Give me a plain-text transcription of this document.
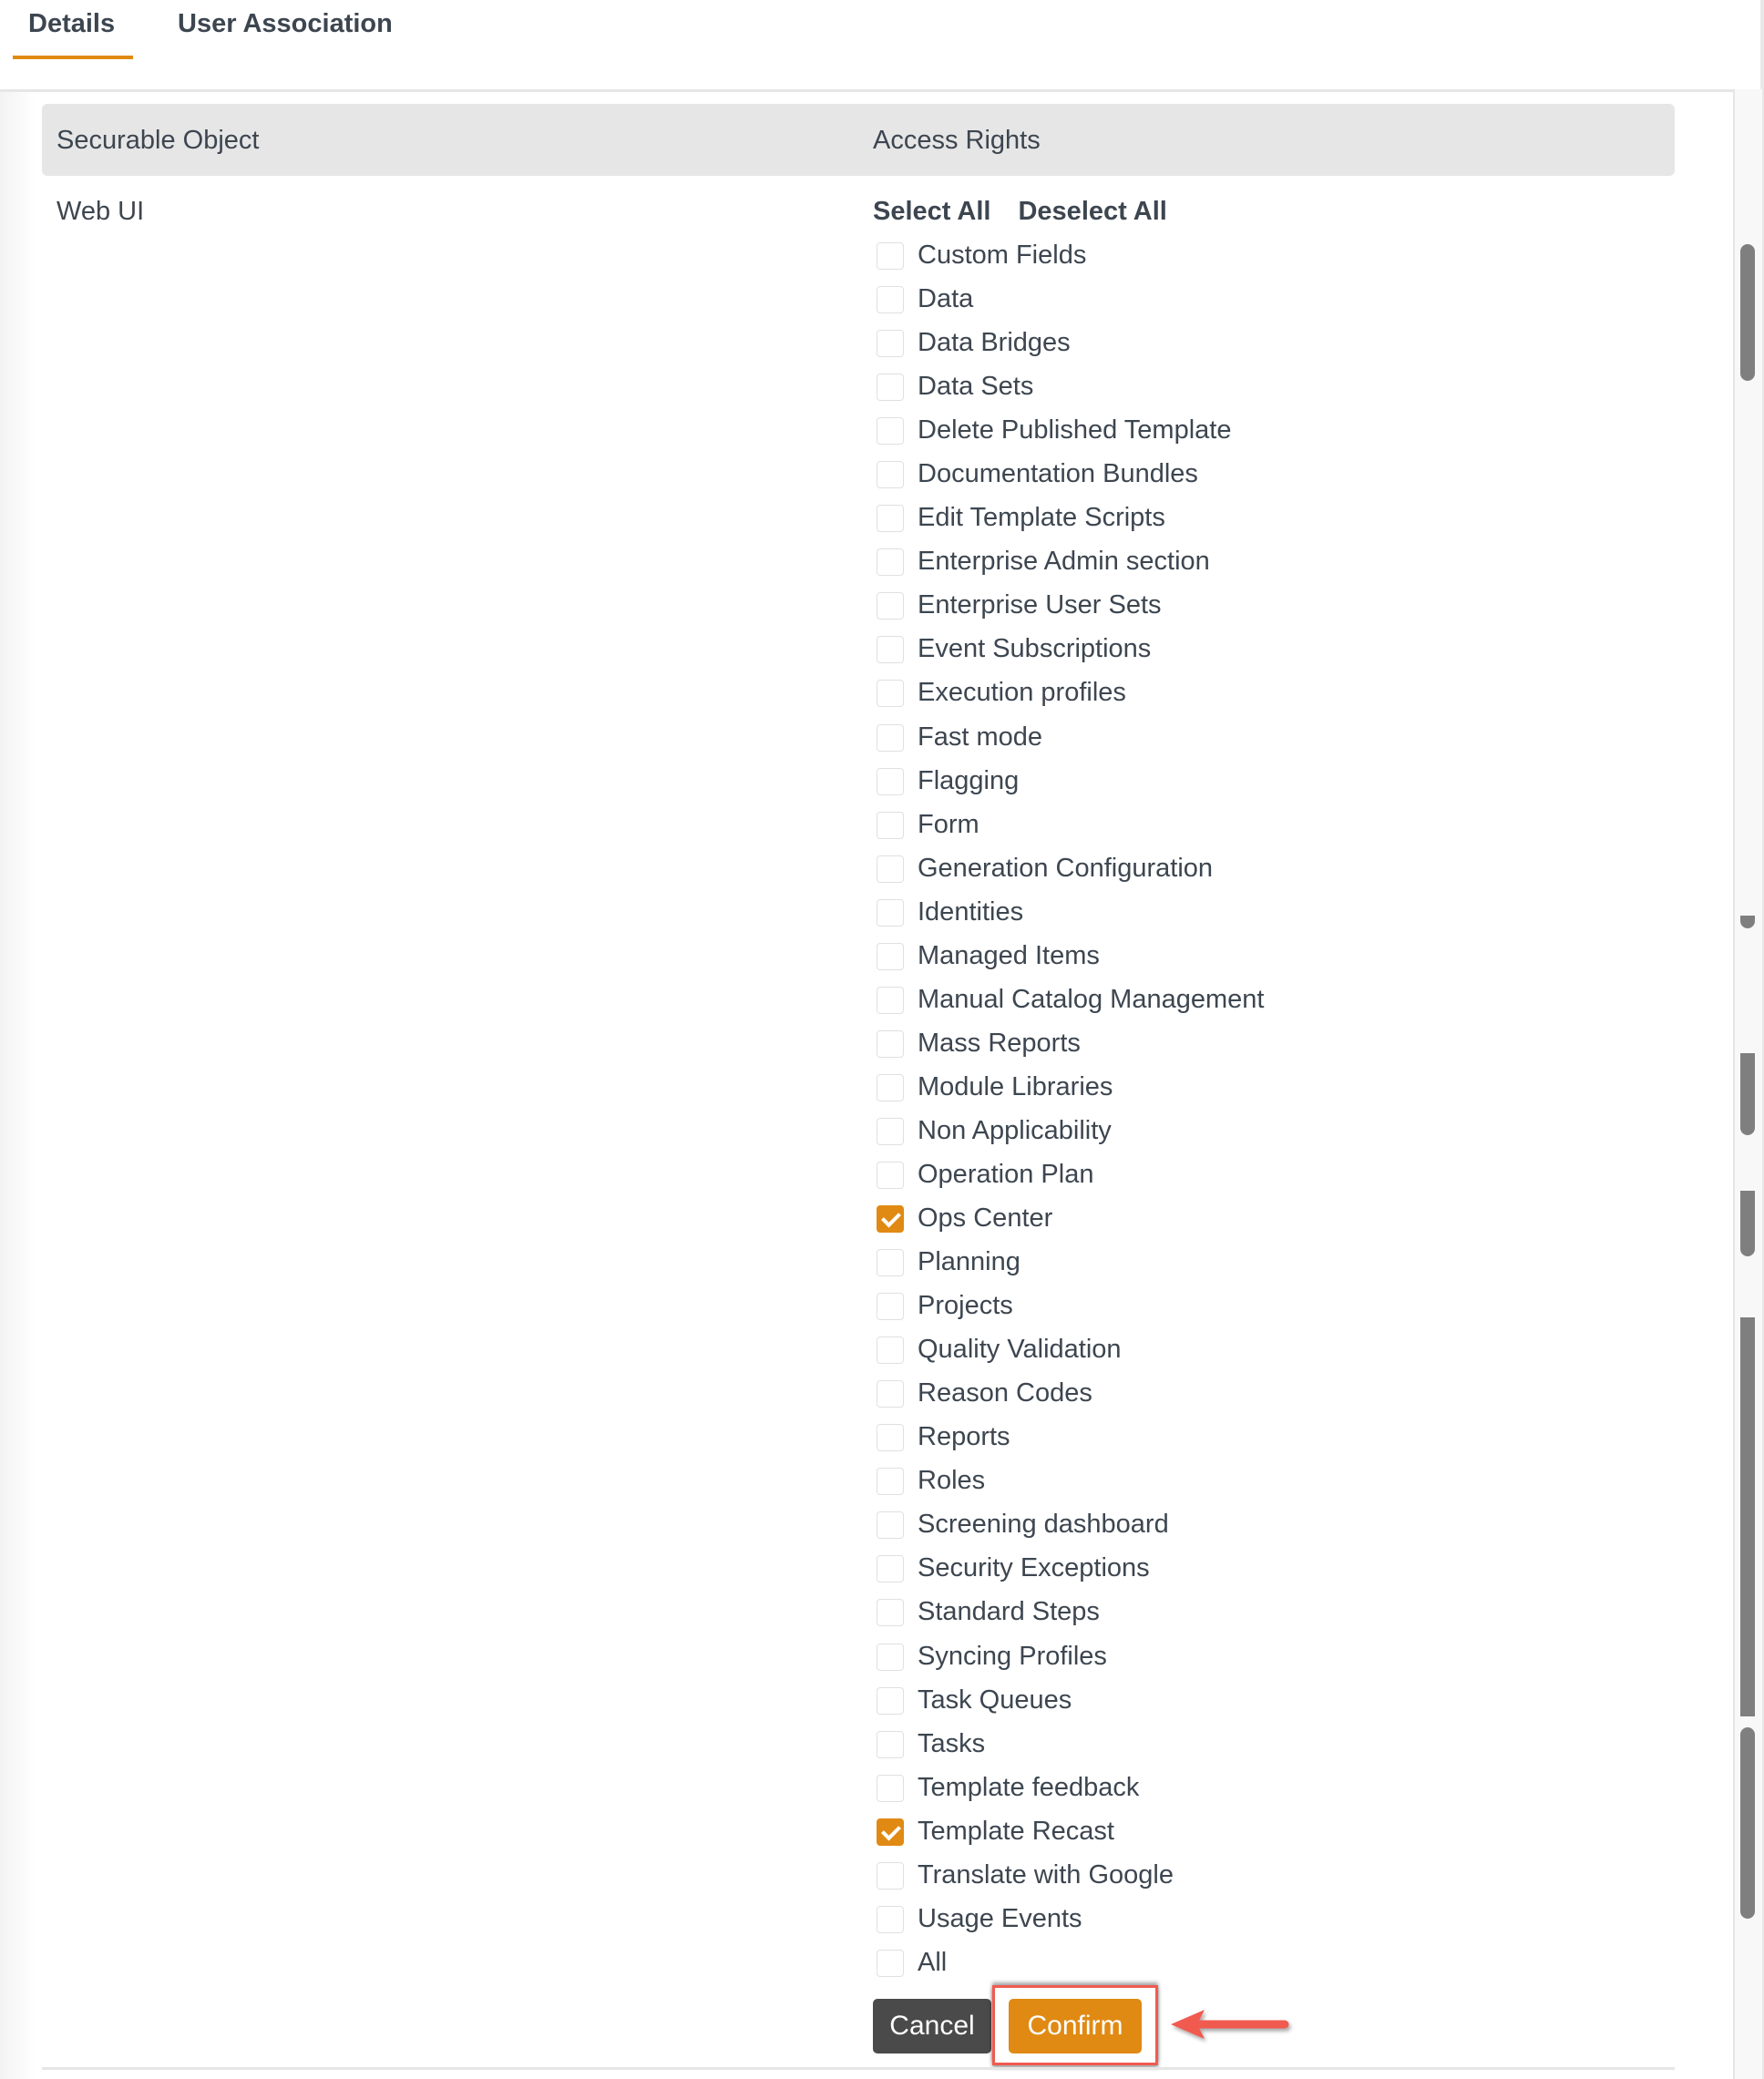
Details User Association
Securable Object	Access Rights
Web UI	Select All Deselect All
Custom Fields
Data
Data Bridges
Data Sets
Delete Published Template
Documentation Bundles
Edit Template Scripts
Enterprise Admin section
Enterprise User Sets
Event Subscriptions
Execution profiles
Fast mode
Flagging
Form
Generation Configuration
Identities
Managed Items
Manual Catalog Management
Mass Reports
Module Libraries
Non Applicability
Operation Plan
Ops Center
Planning
Projects
Quality Validation
Reason Codes
Reports
Roles
Screening dashboard
Security Exceptions
Standard Steps
Syncing Profiles
Task Queues
Tasks
Template feedback
Template Recast
Translate with Google
Usage Events
All
Cancel	Confirm
